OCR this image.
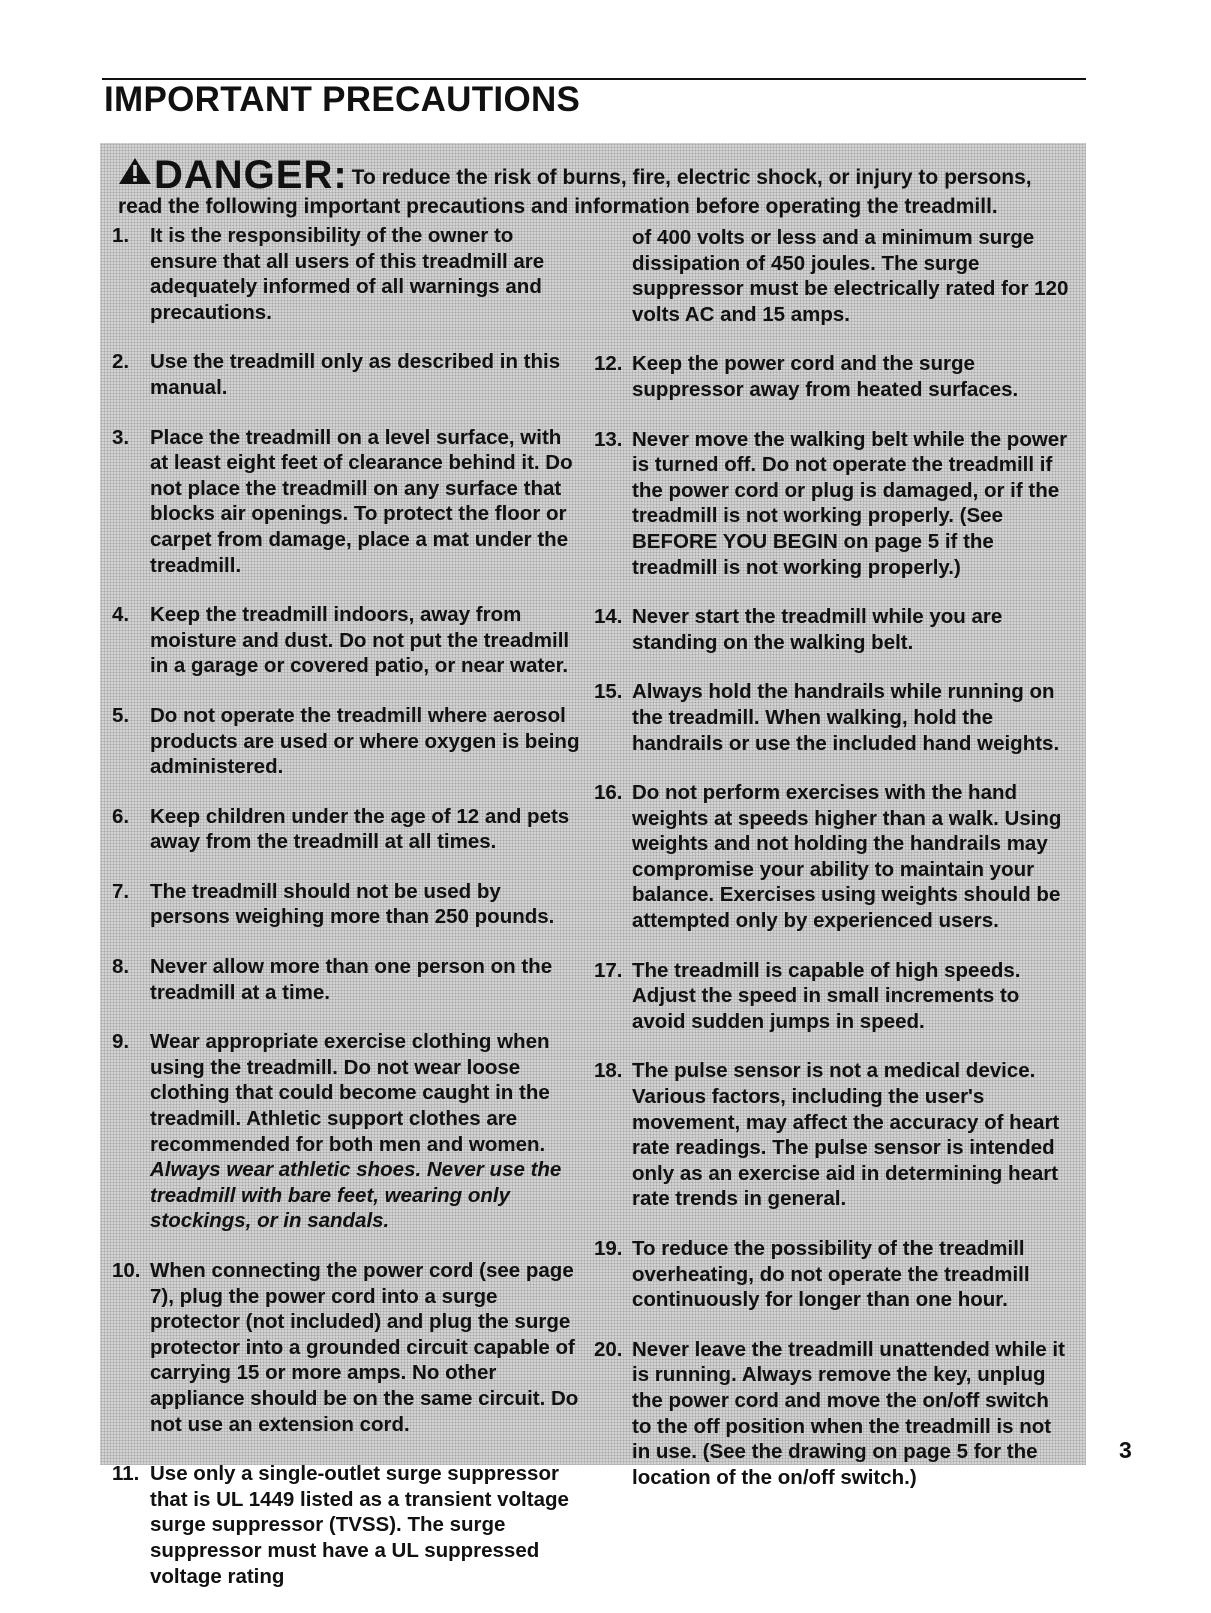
IMPORTANT PRECAUTIONS
DANGER: To reduce the risk of burns, fire, electric shock, or injury to persons, read the following important precautions and information before operating the treadmill.
1. It is the responsibility of the owner to ensure that all users of this treadmill are adequately informed of all warnings and precautions.
2. Use the treadmill only as described in this manual.
3. Place the treadmill on a level surface, with at least eight feet of clearance behind it. Do not place the treadmill on any surface that blocks air openings. To protect the floor or carpet from damage, place a mat under the treadmill.
4. Keep the treadmill indoors, away from moisture and dust. Do not put the treadmill in a garage or covered patio, or near water.
5. Do not operate the treadmill where aerosol products are used or where oxygen is being administered.
6. Keep children under the age of 12 and pets away from the treadmill at all times.
7. The treadmill should not be used by persons weighing more than 250 pounds.
8. Never allow more than one person on the treadmill at a time.
9. Wear appropriate exercise clothing when using the treadmill. Do not wear loose clothing that could become caught in the treadmill. Athletic support clothes are recommended for both men and women. Always wear athletic shoes. Never use the treadmill with bare feet, wearing only stockings, or in sandals.
10. When connecting the power cord (see page 7), plug the power cord into a surge protector (not included) and plug the surge protector into a grounded circuit capable of carrying 15 or more amps. No other appliance should be on the same circuit. Do not use an extension cord.
11. Use only a single-outlet surge suppressor that is UL 1449 listed as a transient voltage surge suppressor (TVSS). The surge suppressor must have a UL suppressed voltage rating
of 400 volts or less and a minimum surge dissipation of 450 joules. The surge suppressor must be electrically rated for 120 volts AC and 15 amps.
12. Keep the power cord and the surge suppressor away from heated surfaces.
13. Never move the walking belt while the power is turned off. Do not operate the treadmill if the power cord or plug is damaged, or if the treadmill is not working properly. (See BEFORE YOU BEGIN on page 5 if the treadmill is not working properly.)
14. Never start the treadmill while you are standing on the walking belt.
15. Always hold the handrails while running on the treadmill. When walking, hold the handrails or use the included hand weights.
16. Do not perform exercises with the hand weights at speeds higher than a walk. Using weights and not holding the handrails may compromise your ability to maintain your balance. Exercises using weights should be attempted only by experienced users.
17. The treadmill is capable of high speeds. Adjust the speed in small increments to avoid sudden jumps in speed.
18. The pulse sensor is not a medical device. Various factors, including the user's movement, may affect the accuracy of heart rate readings. The pulse sensor is intended only as an exercise aid in determining heart rate trends in general.
19. To reduce the possibility of the treadmill overheating, do not operate the treadmill continuously for longer than one hour.
20. Never leave the treadmill unattended while it is running. Always remove the key, unplug the power cord and move the on/off switch to the off position when the treadmill is not in use. (See the drawing on page 5 for the location of the on/off switch.)
3
